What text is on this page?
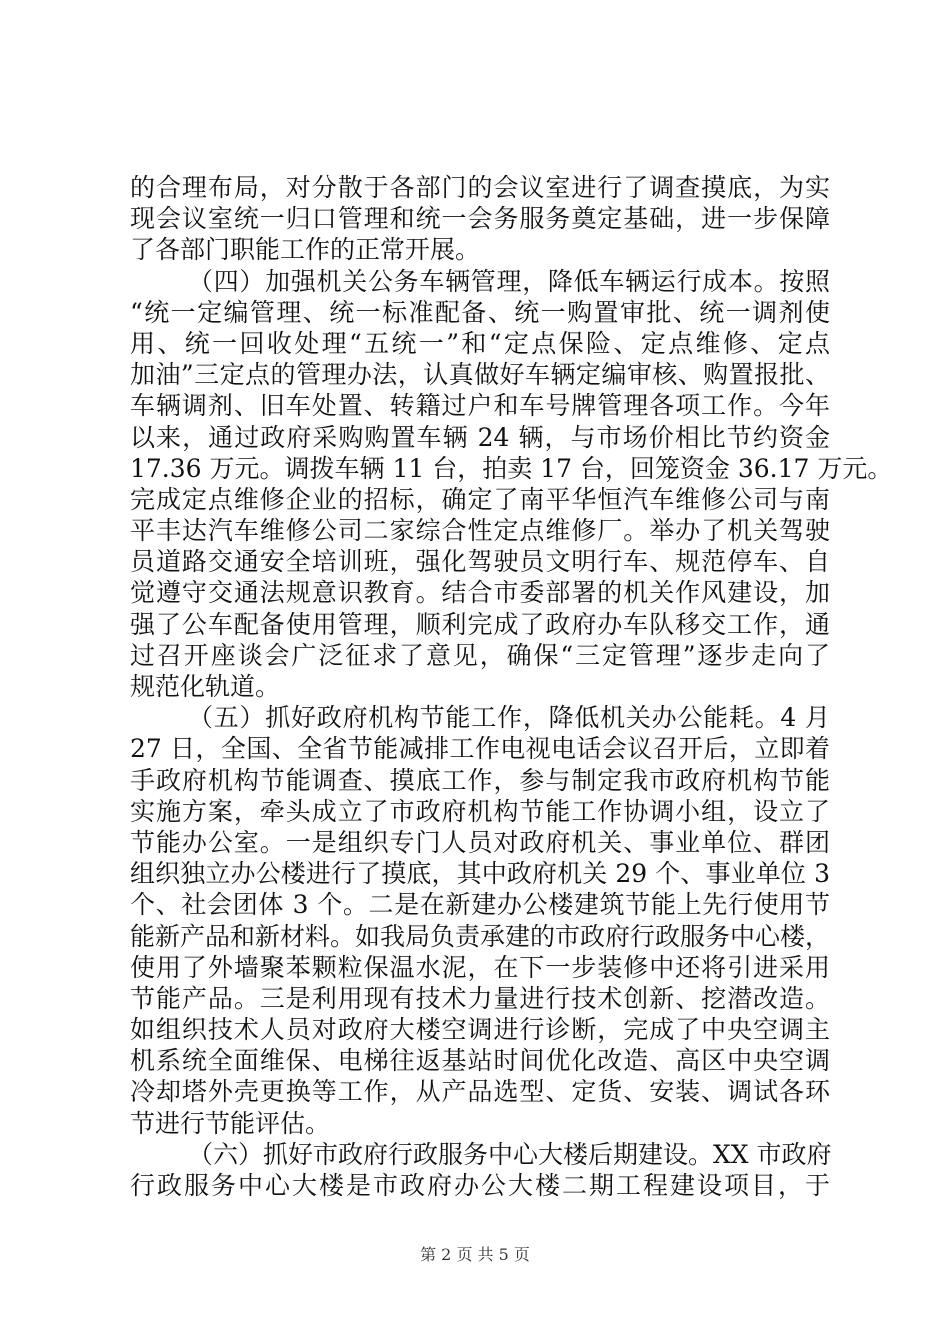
的合理布局，对分散于各部门的会议室进行了调查摸底，为实
现会议室统一归口管理和统一会务服务奠定基础，进一步保障
了各部门职能工作的正常开展。
（四）加强机关公务车辆管理，降低车辆运行成本。按照
“统一定编管理、统一标准配备、统一购置审批、统一调剂使
用、统一回收处理“五统一”和“定点保险、定点维修、定点
加油”三定点的管理办法，认真做好车辆定编审核、购置报批、
车辆调剂、旧车处置、转籍过户和车号牌管理各项工作。今年
以来，通过政府采购购置车辆 24 辆，与市场价相比节约资金
17.36 万元。调拨车辆 11 台，拍卖 17 台，回笼资金 36.17 万元。
完成定点维修企业的招标，确定了南平华恒汽车维修公司与南
平丰达汽车维修公司二家综合性定点维修厂。举办了机关驾驶
员道路交通安全培训班，强化驾驶员文明行车、规范停车、自
觉遵守交通法规意识教育。结合市委部署的机关作风建设，加
强了公车配备使用管理，顺利完成了政府办车队移交工作，通
过召开座谈会广泛征求了意见，确保“三定管理”逐步走向了
规范化轨道。
（五）抓好政府机构节能工作，降低机关办公能耗。4 月
27 日，全国、全省节能减排工作电视电话会议召开后，立即着
手政府机构节能调查、摸底工作，参与制定我市政府机构节能
实施方案，牵头成立了市政府机构节能工作协调小组，设立了
节能办公室。一是组织专门人员对政府机关、事业单位、群团
组织独立办公楼进行了摸底，其中政府机关 29 个、事业单位 3
个、社会团体 3 个。二是在新建办公楼建筑节能上先行使用节
能新产品和新材料。如我局负责承建的市政府行政服务中心楼，
使用了外墙聚苯颗粒保温水泥，在下一步装修中还将引进采用
节能产品。三是利用现有技术力量进行技术创新、挖潜改造。
如组织技术人员对政府大楼空调进行诊断，完成了中央空调主
机系统全面维保、电梯往返基站时间优化改造、高区中央空调
冷却塔外壳更换等工作，从产品选型、定货、安装、调试各环
节进行节能评估。
（六）抓好市政府行政服务中心大楼后期建设。XX 市政府
行政服务中心大楼是市政府办公大楼二期工程建设项目，于
第 2 页 共 5 页
